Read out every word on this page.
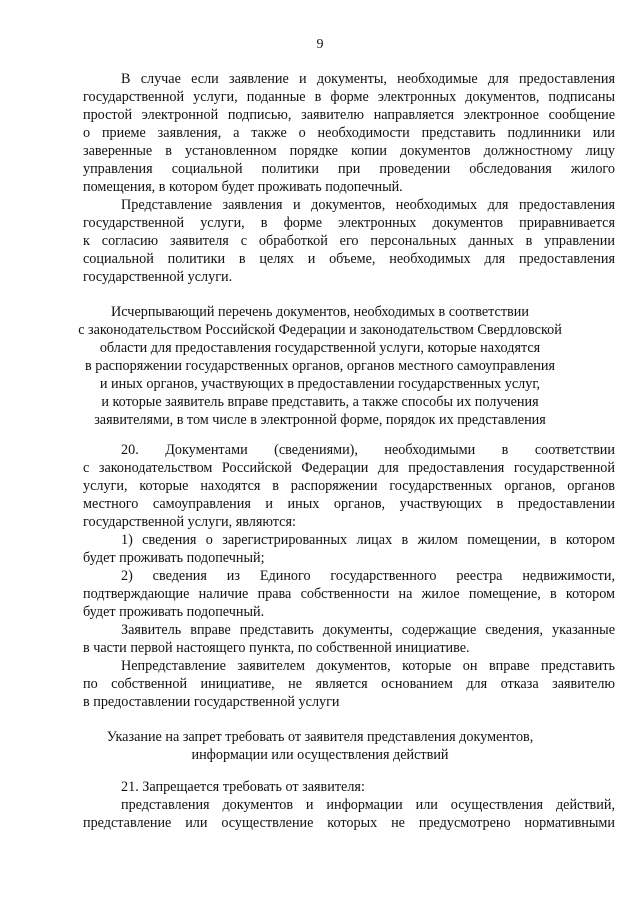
9
В случае если заявление и документы, необходимые для предоставления
государственной услуги, поданные в форме электронных документов, подписаны
простой электронной подписью, заявителю направляется электронное сообщение
о приеме заявления, а также о необходимости представить подлинники или
заверенные в установленном порядке копии документов должностному лицу
управления социальной политики при проведении обследования жилого
помещения, в котором будет проживать подопечный.
Представление заявления и документов, необходимых для предоставления
государственной услуги, в форме электронных документов приравнивается
к согласию заявителя с обработкой его персональных данных в управлении
социальной политики в целях и объеме, необходимых для предоставления
государственной услуги.
Исчерпывающий перечень документов, необходимых в соответствии
с законодательством Российской Федерации и законодательством Свердловской
области для предоставления государственной услуги, которые находятся
в распоряжении государственных органов, органов местного самоуправления
и иных органов, участвующих в предоставлении государственных услуг,
и которые заявитель вправе представить, а также способы их получения
заявителями, в том числе в электронной форме, порядок их представления
20. Документами (сведениями), необходимыми в соответствии
с законодательством Российской Федерации для предоставления государственной
услуги, которые находятся в распоряжении государственных органов, органов
местного самоуправления и иных органов, участвующих в предоставлении
государственной услуги, являются:
1) сведения о зарегистрированных лицах в жилом помещении, в котором
будет проживать подопечный;
2) сведения из Единого государственного реестра недвижимости,
подтверждающие наличие права собственности на жилое помещение, в котором
будет проживать подопечный.
Заявитель вправе представить документы, содержащие сведения, указанные
в части первой настоящего пункта, по собственной инициативе.
Непредставление заявителем документов, которые он вправе представить
по собственной инициативе, не является основанием для отказа заявителю
в предоставлении государственной услуги
Указание на запрет требовать от заявителя представления документов,
информации или осуществления действий
21. Запрещается требовать от заявителя:
представления документов и информации или осуществления действий,
представление или осуществление которых не предусмотрено нормативными
